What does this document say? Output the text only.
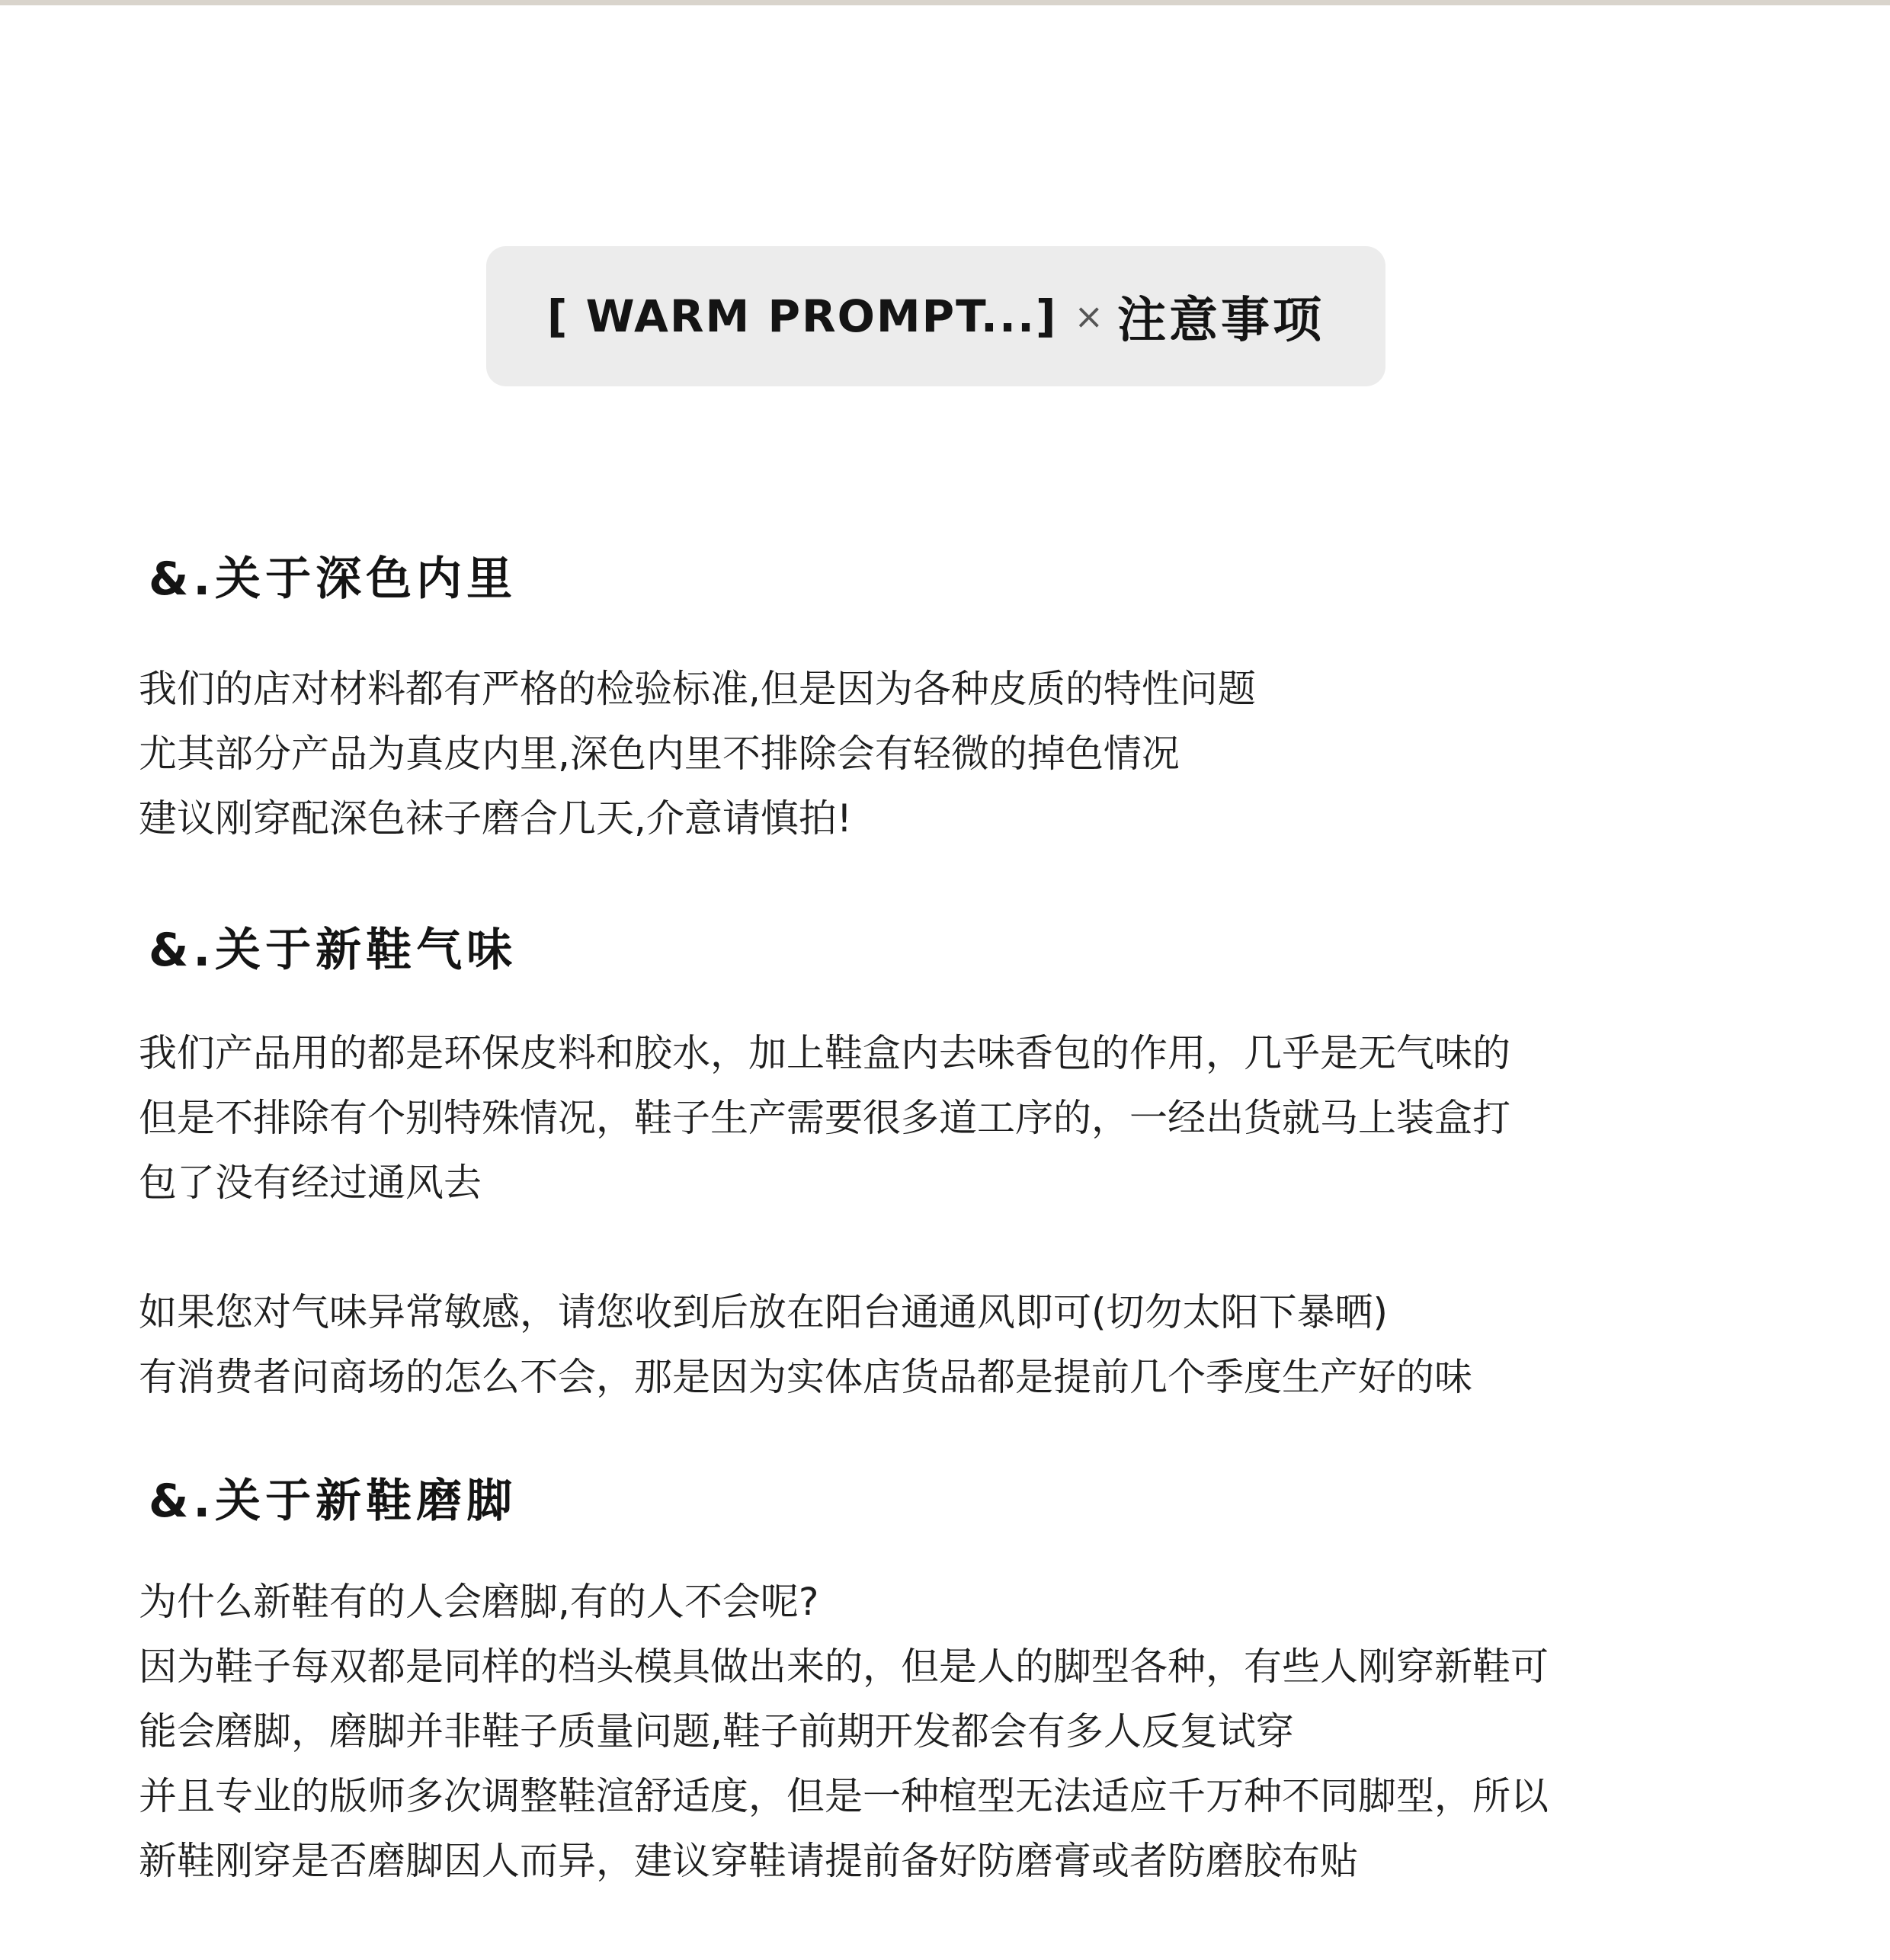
[ WARM PROMPT...] × 注意事项
&.关于深色内里
我们的店对材料都有严格的检验标准,但是因为各种皮质的特性问题
尤其部分产品为真皮内里,深色内里不排除会有轻微的掉色情况
建议刚穿配深色袜子磨合几天,介意请慎拍!
&.关于新鞋气味
我们产品用的都是环保皮料和胶水，加上鞋盒内去味香包的作用，几乎是无气味的
但是不排除有个别特殊情况，鞋子生产需要很多道工序的，一经出货就马上装盒打
包了没有经过通风去
如果您对气味异常敏感，请您收到后放在阳台通通风即可(切勿太阳下暴晒)
有消费者问商场的怎么不会，那是因为实体店货品都是提前几个季度生产好的味
&.关于新鞋磨脚
为什么新鞋有的人会磨脚,有的人不会呢?
因为鞋子每双都是同样的档头模具做出来的，但是人的脚型各种，有些人刚穿新鞋可
能会磨脚，磨脚并非鞋子质量问题,鞋子前期开发都会有多人反复试穿
并且专业的版师多次调整鞋渲舒适度，但是一种楦型无法适应千万种不同脚型，所以
新鞋刚穿是否磨脚因人而异，建议穿鞋请提前备好防磨膏或者防磨胶布贴
